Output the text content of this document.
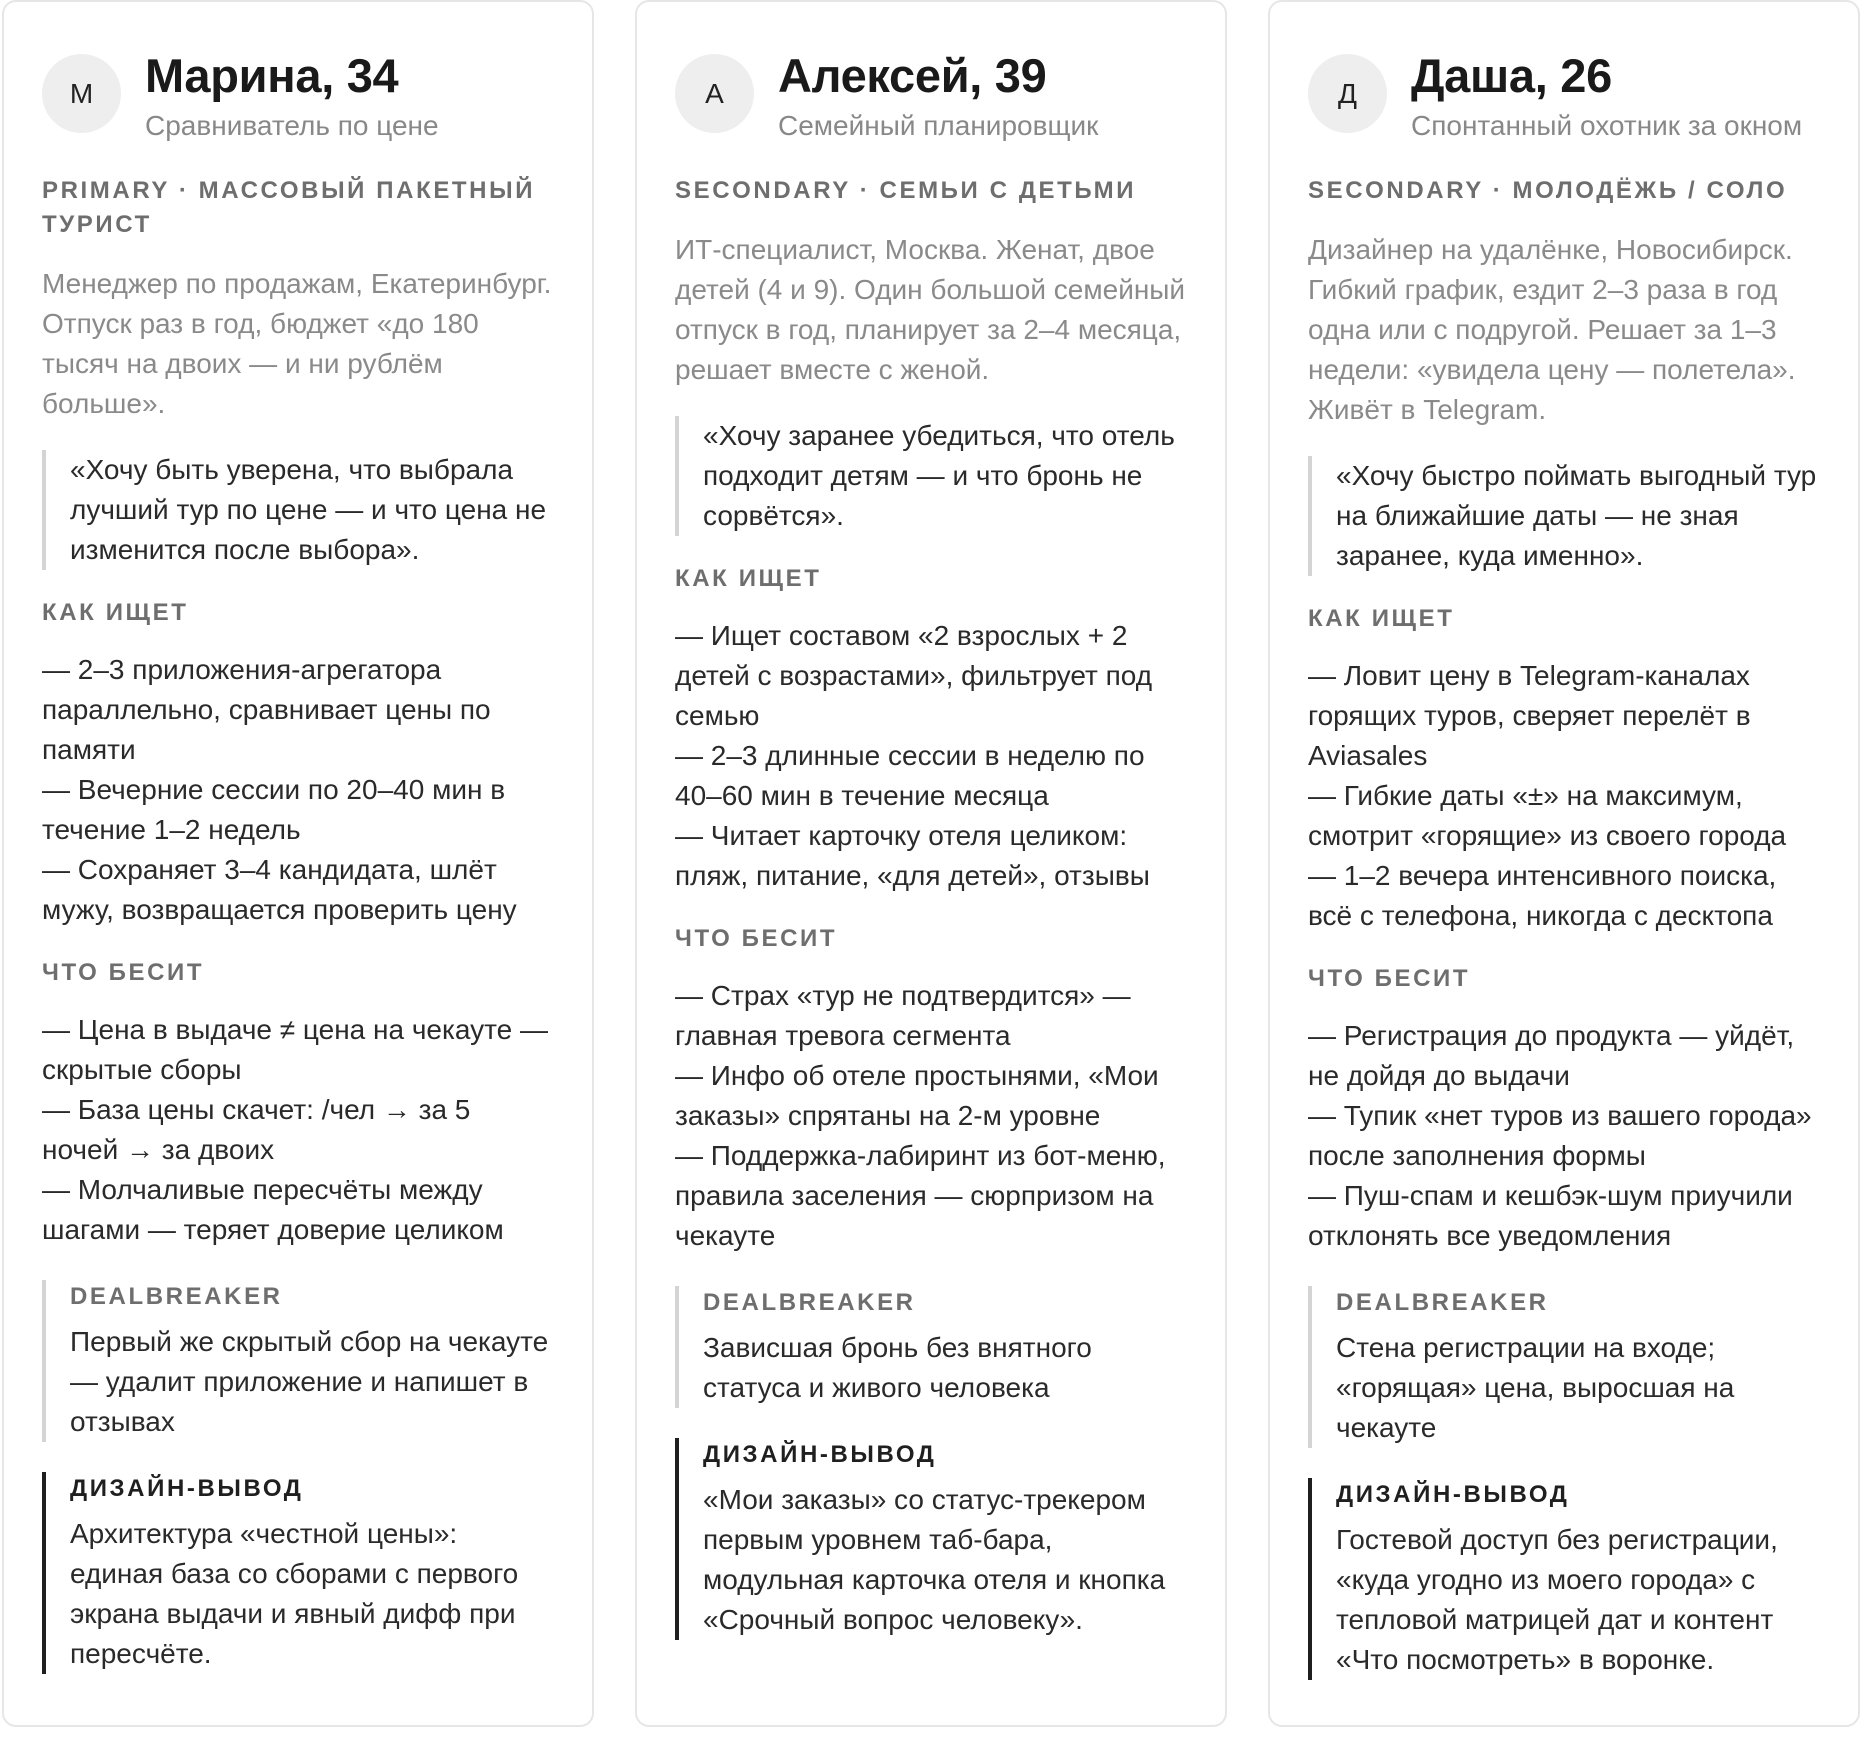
М	Марина, 34
Сравниватель по цене
PRIMARY · МАССОВЫЙ ПАКЕТНЫЙ ТУРИСТ
Менеджер по продажам, Екатеринбург. Отпуск раз в год, бюджет «до 180 тысяч на двоих — и ни рублём больше».
«Хочу быть уверена, что выбрала лучший тур по цене — и что цена не изменится после выбора».
КАК ИЩЕТ
— 2–3 приложения-агрегатора параллельно, сравнивает цены по памяти
— Вечерние сессии по 20–40 мин в течение 1–2 недель
— Сохраняет 3–4 кандидата, шлёт мужу, возвращается проверить цену
ЧТО БЕСИТ
— Цена в выдаче ≠ цена на чекауте — скрытые сборы
— База цены скачет: /чел → за 5 ночей → за двоих
— Молчаливые пересчёты между шагами — теряет доверие целиком
DEALBREAKER
Первый же скрытый сбор на чекауте — удалит приложение и напишет в отзывах
ДИЗАЙН-ВЫВОД
Архитектура «честной цены»: единая база со сборами с первого экрана выдачи и явный дифф при пересчёте.
А	Алексей, 39
Семейный планировщик
SECONDARY · СЕМЬИ С ДЕТЬМИ
ИТ-специалист, Москва. Женат, двое детей (4 и 9). Один большой семейный отпуск в год, планирует за 2–4 месяца, решает вместе с женой.
«Хочу заранее убедиться, что отель подходит детям — и что бронь не сорвётся».
КАК ИЩЕТ
— Ищет составом «2 взрослых + 2 детей с возрастами», фильтрует под семью
— 2–3 длинные сессии в неделю по 40–60 мин в течение месяца
— Читает карточку отеля целиком: пляж, питание, «для детей», отзывы
ЧТО БЕСИТ
— Страх «тур не подтвердится» — главная тревога сегмента
— Инфо об отеле простынями, «Мои заказы» спрятаны на 2-м уровне
— Поддержка-лабиринт из бот-меню, правила заселения — сюрпризом на чекауте
DEALBREAKER
Зависшая бронь без внятного статуса и живого человека
ДИЗАЙН-ВЫВОД
«Мои заказы» со статус-трекером первым уровнем таб-бара, модульная карточка отеля и кнопка «Срочный вопрос человеку».
Д	Даша, 26
Спонтанный охотник за окном
SECONDARY · МОЛОДЁЖЬ / СОЛО
Дизайнер на удалёнке, Новосибирск. Гибкий график, ездит 2–3 раза в год одна или с подругой. Решает за 1–3 недели: «увидела цену — полетела». Живёт в Telegram.
«Хочу быстро поймать выгодный тур на ближайшие даты — не зная заранее, куда именно».
КАК ИЩЕТ
— Ловит цену в Telegram-каналах горящих туров, сверяет перелёт в Aviasales
— Гибкие даты «±» на максимум, смотрит «горящие» из своего города
— 1–2 вечера интенсивного поиска, всё с телефона, никогда с десктопа
ЧТО БЕСИТ
— Регистрация до продукта — уйдёт, не дойдя до выдачи
— Тупик «нет туров из вашего города» после заполнения формы
— Пуш-спам и кешбэк-шум приучили отклонять все уведомления
DEALBREAKER
Стена регистрации на входе; «горящая» цена, выросшая на чекауте
ДИЗАЙН-ВЫВОД
Гостевой доступ без регистрации, «куда угодно из моего города» с тепловой матрицей дат и контент «Что посмотреть» в воронке.
